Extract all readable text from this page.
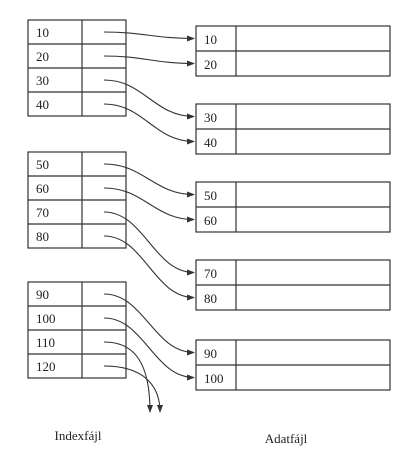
10
20
30
40
50
60
70
80
90
100
110
120
10
20
30
40
50
60
70
80
90
100
Indexfájl	Adatfájl
